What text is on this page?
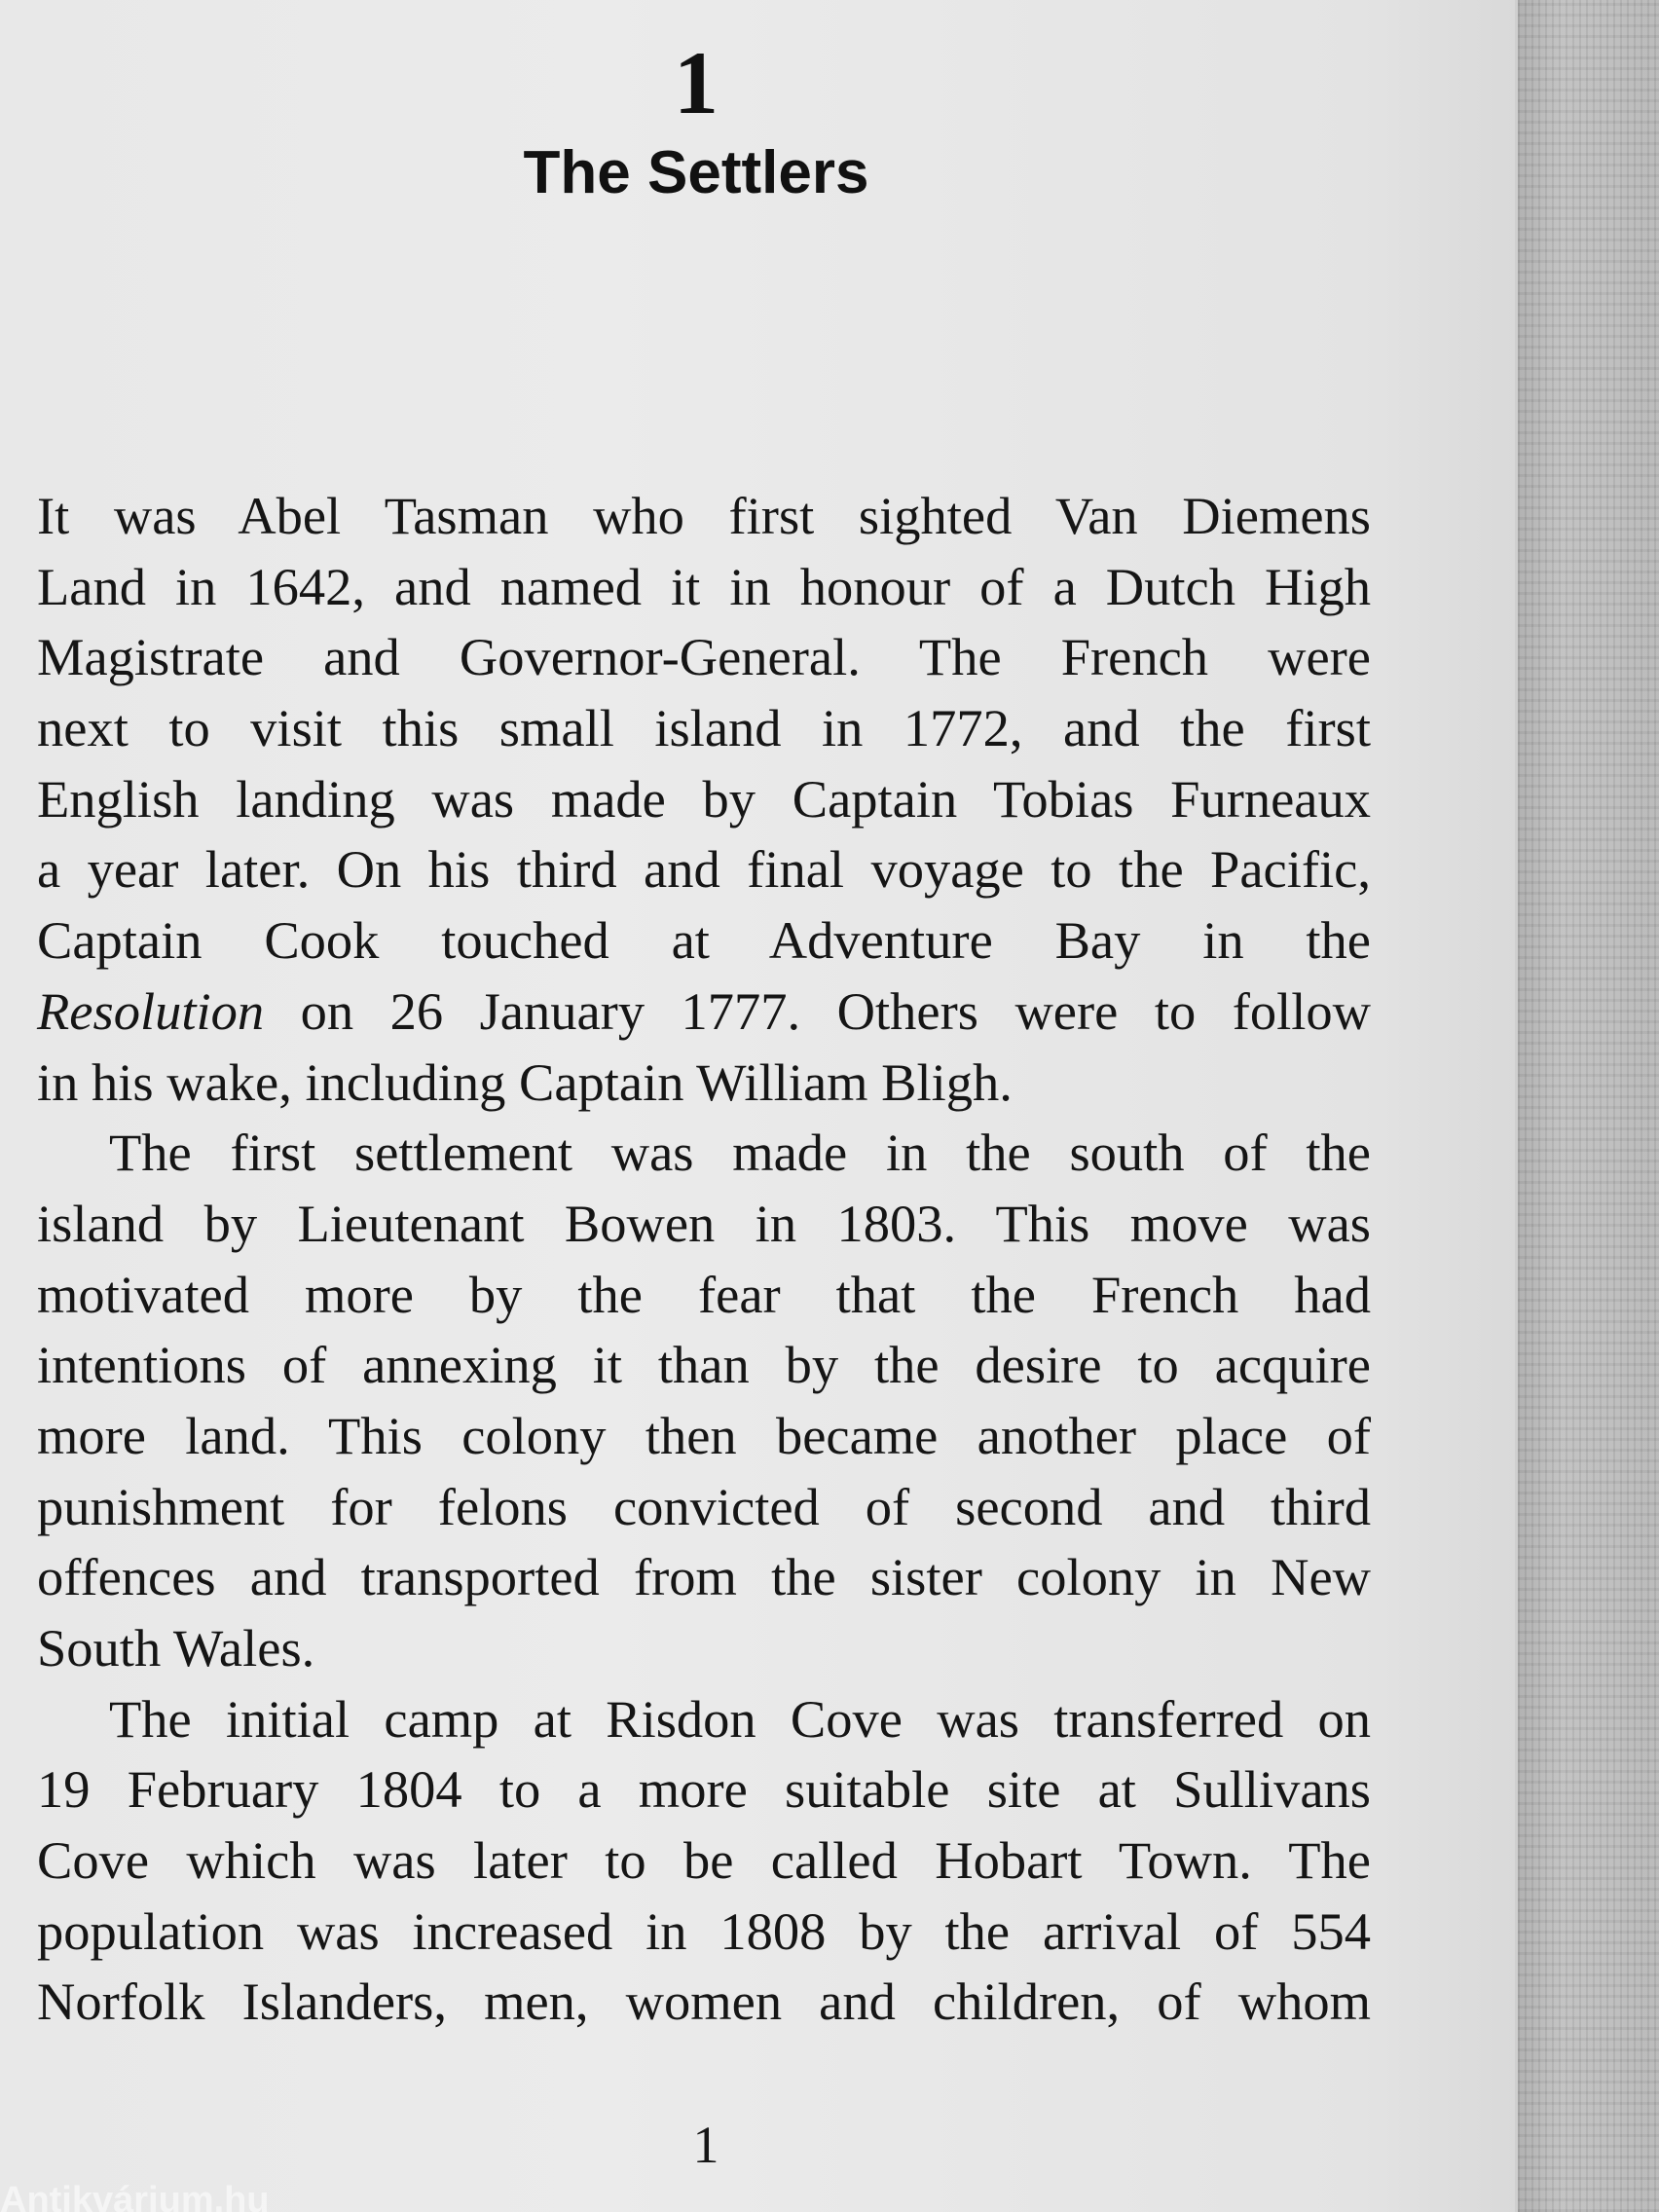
1
The Settlers
It was Abel Tasman who first sighted Van Diemens
Land in 1642, and named it in honour of a Dutch High
Magistrate and Governor-General. The French were
next to visit this small island in 1772, and the first
English landing was made by Captain Tobias Furneaux
a year later. On his third and final voyage to the Pacific,
Captain Cook touched at Adventure Bay in the
Resolution on 26 January 1777. Others were to follow
in his wake, including Captain William Bligh.
The first settlement was made in the south of the
island by Lieutenant Bowen in 1803. This move was
motivated more by the fear that the French had
intentions of annexing it than by the desire to acquire
more land. This colony then became another place of
punishment for felons convicted of second and third
offences and transported from the sister colony in New
South Wales.
The initial camp at Risdon Cove was transferred on
19 February 1804 to a more suitable site at Sullivans
Cove which was later to be called Hobart Town. The
population was increased in 1808 by the arrival of 554
Norfolk Islanders, men, women and children, of whom
1
Antikvárium.hu
